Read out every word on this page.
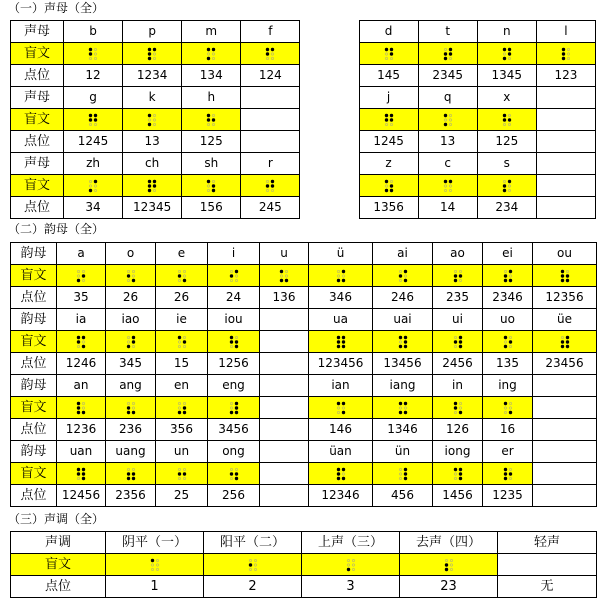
（一）声母（全）
声母	b	p	m	f		d	t	n	l
盲文	

点位	12	1234	134	124		145	2345	1345	123
声母	g	k	h			j	q	x	
盲文	

点位	1245	13	125			1245	13	125	
声母	zh	ch	sh	r		z	c	s	
盲文	

点位	34	12345	156	245		1356	14	234	
（二）韵母（全）
韵母	a	o	e	i	u	ü	ai	ao	ei	ou
盲文	

点位	35	26	26	24	136	346	246	235	2346	12356
韵母	ia	iao	ie	iou		ua	uai	ui	uo	üe
盲文	

点位	1246	345	15	1256		123456	13456	2456	135	23456
韵母	an	ang	en	eng		ian	iang	in	ing	
盲文	

点位	1236	236	356	3456		146	1346	126	16	
韵母	uan	uang	un	ong		üan	ün	iong	er	
盲文	

点位	12456	2356	25	256		12346	456	1456	1235	
（三）声调（全）
声调	阴平（一）	阳平（二）	上声（三）	去声（四）	轻声
盲文	

点位	1	2	3	23	无
